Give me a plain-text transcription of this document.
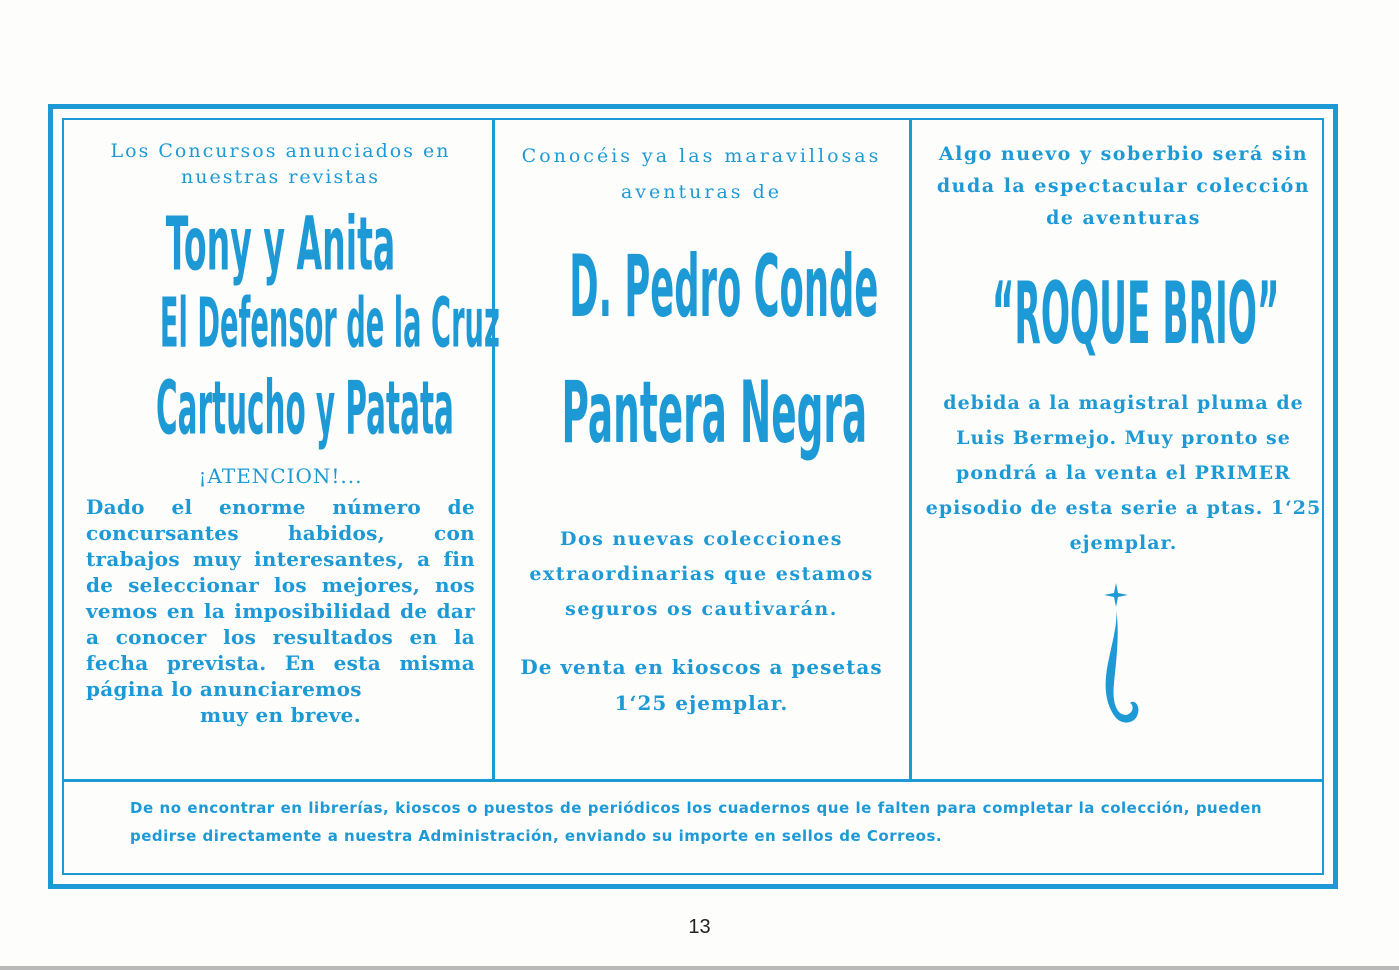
Los Concursos anunciados en nuestras revistas
Tony y Anita
El Defensor de la Cruz
Cartucho y Patata
¡ATENCION!...
Dado el enorme número de concursantes habidos, con trabajos muy interesantes, a fin de seleccionar los mejores, nos vemos en la imposibilidad de dar a conocer los resultados en la fecha prevista. En esta misma página lo anunciaremos
muy en breve.
Conocéis ya las maravillosas aventuras de
D. Pedro Conde
Pantera Negra
Dos nuevas colecciones extraordinarias que estamos seguros os cautivarán.
De venta en kioscos a pesetas 1‘25 ejemplar.
Algo nuevo y soberbio será sin duda la espectacular colección de aventuras
“ROQUE BRIO”
debida a la magistral pluma de Luis Bermejo. Muy pronto se pondrá a la venta el PRIMER episodio de esta serie a ptas. 1‘25 ejemplar.
De no encontrar en librerías, kioscos o puestos de periódicos los cuadernos que le falten para completar la colección, pueden pedirse directamente a nuestra Administración, enviando su importe en sellos de Correos.
13
